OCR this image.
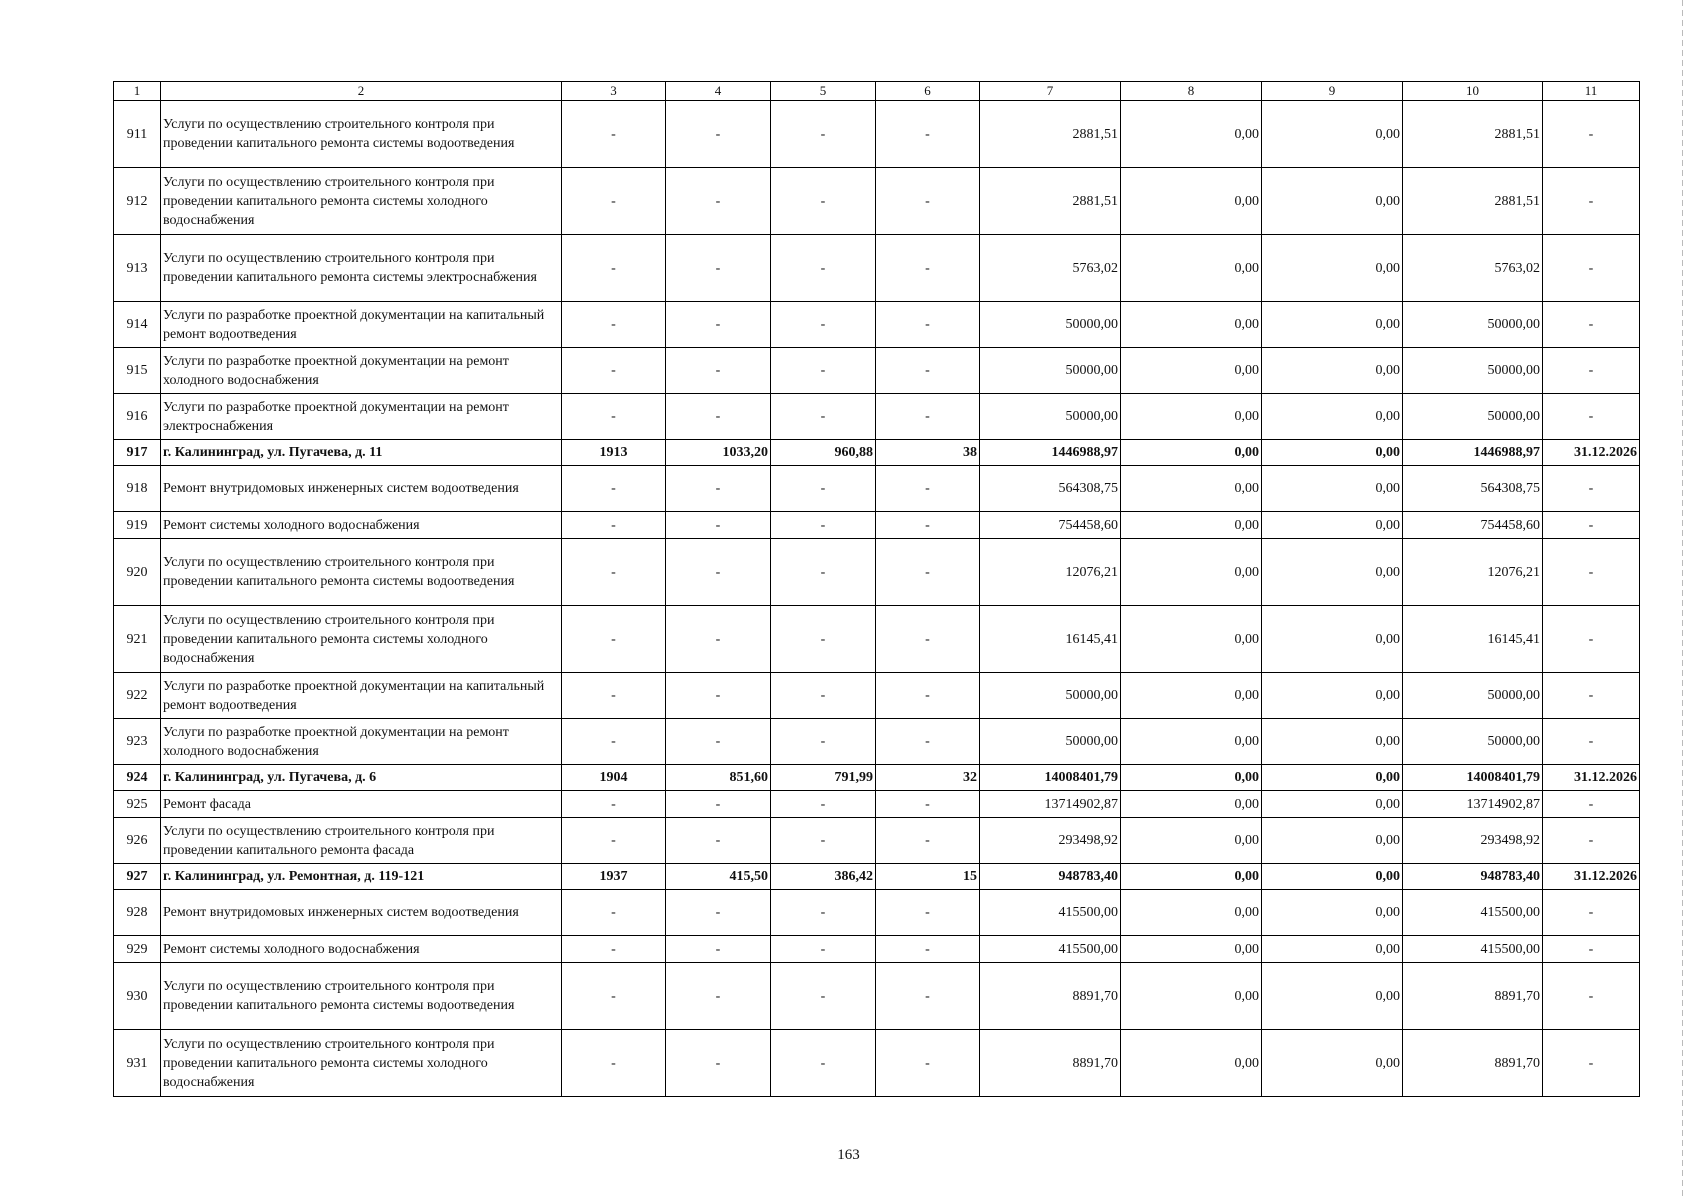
1	2	3	4	5	6	7	8	9	10	11
911	Услуги по осуществлению строительного контроля при проведении капитального ремонта системы водоотведения	-	-	-	-	2881,51	0,00	0,00	2881,51	-
912	Услуги по осуществлению строительного контроля при проведении капитального ремонта системы холодного водоснабжения	-	-	-	-	2881,51	0,00	0,00	2881,51	-
913	Услуги по осуществлению строительного контроля при проведении капитального ремонта системы электроснабжения	-	-	-	-	5763,02	0,00	0,00	5763,02	-
914	Услуги по разработке проектной документации на капитальный ремонт водоотведения	-	-	-	-	50000,00	0,00	0,00	50000,00	-
915	Услуги по разработке проектной документации на ремонт холодного водоснабжения	-	-	-	-	50000,00	0,00	0,00	50000,00	-
916	Услуги по разработке проектной документации на ремонт электроснабжения	-	-	-	-	50000,00	0,00	0,00	50000,00	-
917	г. Калининград, ул. Пугачева, д. 11	1913	1033,20	960,88	38	1446988,97	0,00	0,00	1446988,97	31.12.2026
918	Ремонт внутридомовых инженерных систем водоотведения	-	-	-	-	564308,75	0,00	0,00	564308,75	-
919	Ремонт системы холодного водоснабжения	-	-	-	-	754458,60	0,00	0,00	754458,60	-
920	Услуги по осуществлению строительного контроля при проведении капитального ремонта системы водоотведения	-	-	-	-	12076,21	0,00	0,00	12076,21	-
921	Услуги по осуществлению строительного контроля при проведении капитального ремонта системы холодного водоснабжения	-	-	-	-	16145,41	0,00	0,00	16145,41	-
922	Услуги по разработке проектной документации на капитальный ремонт водоотведения	-	-	-	-	50000,00	0,00	0,00	50000,00	-
923	Услуги по разработке проектной документации на ремонт холодного водоснабжения	-	-	-	-	50000,00	0,00	0,00	50000,00	-
924	г. Калининград, ул. Пугачева, д. 6	1904	851,60	791,99	32	14008401,79	0,00	0,00	14008401,79	31.12.2026
925	Ремонт фасада	-	-	-	-	13714902,87	0,00	0,00	13714902,87	-
926	Услуги по осуществлению строительного контроля при проведении капитального ремонта фасада	-	-	-	-	293498,92	0,00	0,00	293498,92	-
927	г. Калининград, ул. Ремонтная, д. 119-121	1937	415,50	386,42	15	948783,40	0,00	0,00	948783,40	31.12.2026
928	Ремонт внутридомовых инженерных систем водоотведения	-	-	-	-	415500,00	0,00	0,00	415500,00	-
929	Ремонт системы холодного водоснабжения	-	-	-	-	415500,00	0,00	0,00	415500,00	-
930	Услуги по осуществлению строительного контроля при проведении капитального ремонта системы водоотведения	-	-	-	-	8891,70	0,00	0,00	8891,70	-
931	Услуги по осуществлению строительного контроля при проведении капитального ремонта системы холодного водоснабжения	-	-	-	-	8891,70	0,00	0,00	8891,70	-
163
